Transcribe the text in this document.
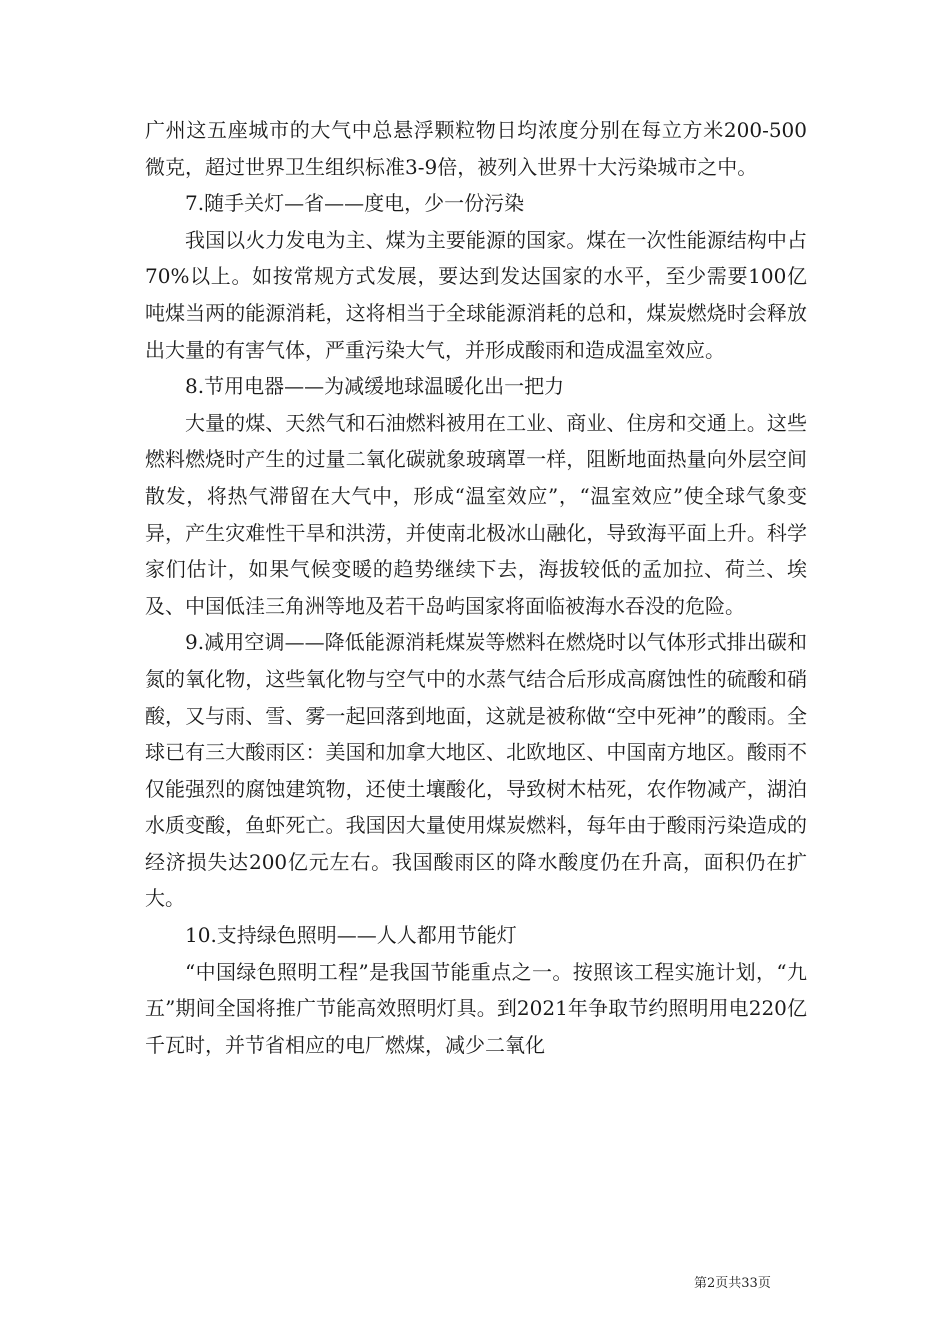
广州这五座城市的大气中总悬浮颗粒物日均浓度分别在每立方米200-500微克，超过世界卫生组织标准3-9倍，被列入世界十大污染城市之中。

7.随手关灯—省——度电，少一份污染

我国以火力发电为主、煤为主要能源的国家。煤在一次性能源结构中占70%以上。如按常规方式发展，要达到发达国家的水平，至少需要100亿吨煤当两的能源消耗，这将相当于全球能源消耗的总和，煤炭燃烧时会释放出大量的有害气体，严重污染大气，并形成酸雨和造成温室效应。

8.节用电器——为减缓地球温暖化出一把力

大量的煤、天然气和石油燃料被用在工业、商业、住房和交通上。这些燃料燃烧时产生的过量二氧化碳就象玻璃罩一样，阻断地面热量向外层空间散发，将热气滞留在大气中，形成“温室效应”，“温室效应”使全球气象变异，产生灾难性干旱和洪涝，并使南北极冰山融化，导致海平面上升。科学家们估计，如果气候变暖的趋势继续下去，海拔较低的孟加拉、荷兰、埃及、中国低洼三角洲等地及若干岛屿国家将面临被海水吞没的危险。

9.减用空调——降低能源消耗煤炭等燃料在燃烧时以气体形式排出碳和氮的氧化物，这些氧化物与空气中的水蒸气结合后形成高腐蚀性的硫酸和硝酸，又与雨、雪、雾一起回落到地面，这就是被称做“空中死神”的酸雨。全球已有三大酸雨区：美国和加拿大地区、北欧地区、中国南方地区。酸雨不仅能强烈的腐蚀建筑物，还使土壤酸化，导致树木枯死，农作物减产，湖泊水质变酸，鱼虾死亡。我国因大量使用煤炭燃料，每年由于酸雨污染造成的经济损失达200亿元左右。我国酸雨区的降水酸度仍在升高，面积仍在扩大。

10.支持绿色照明——人人都用节能灯

“中国绿色照明工程”是我国节能重点之一。按照该工程实施计划，“九五”期间全国将推广节能高效照明灯具。到2021年争取节约照明用电220亿千瓦时，并节省相应的电厂燃煤，减少二氧化

第2页共33页
